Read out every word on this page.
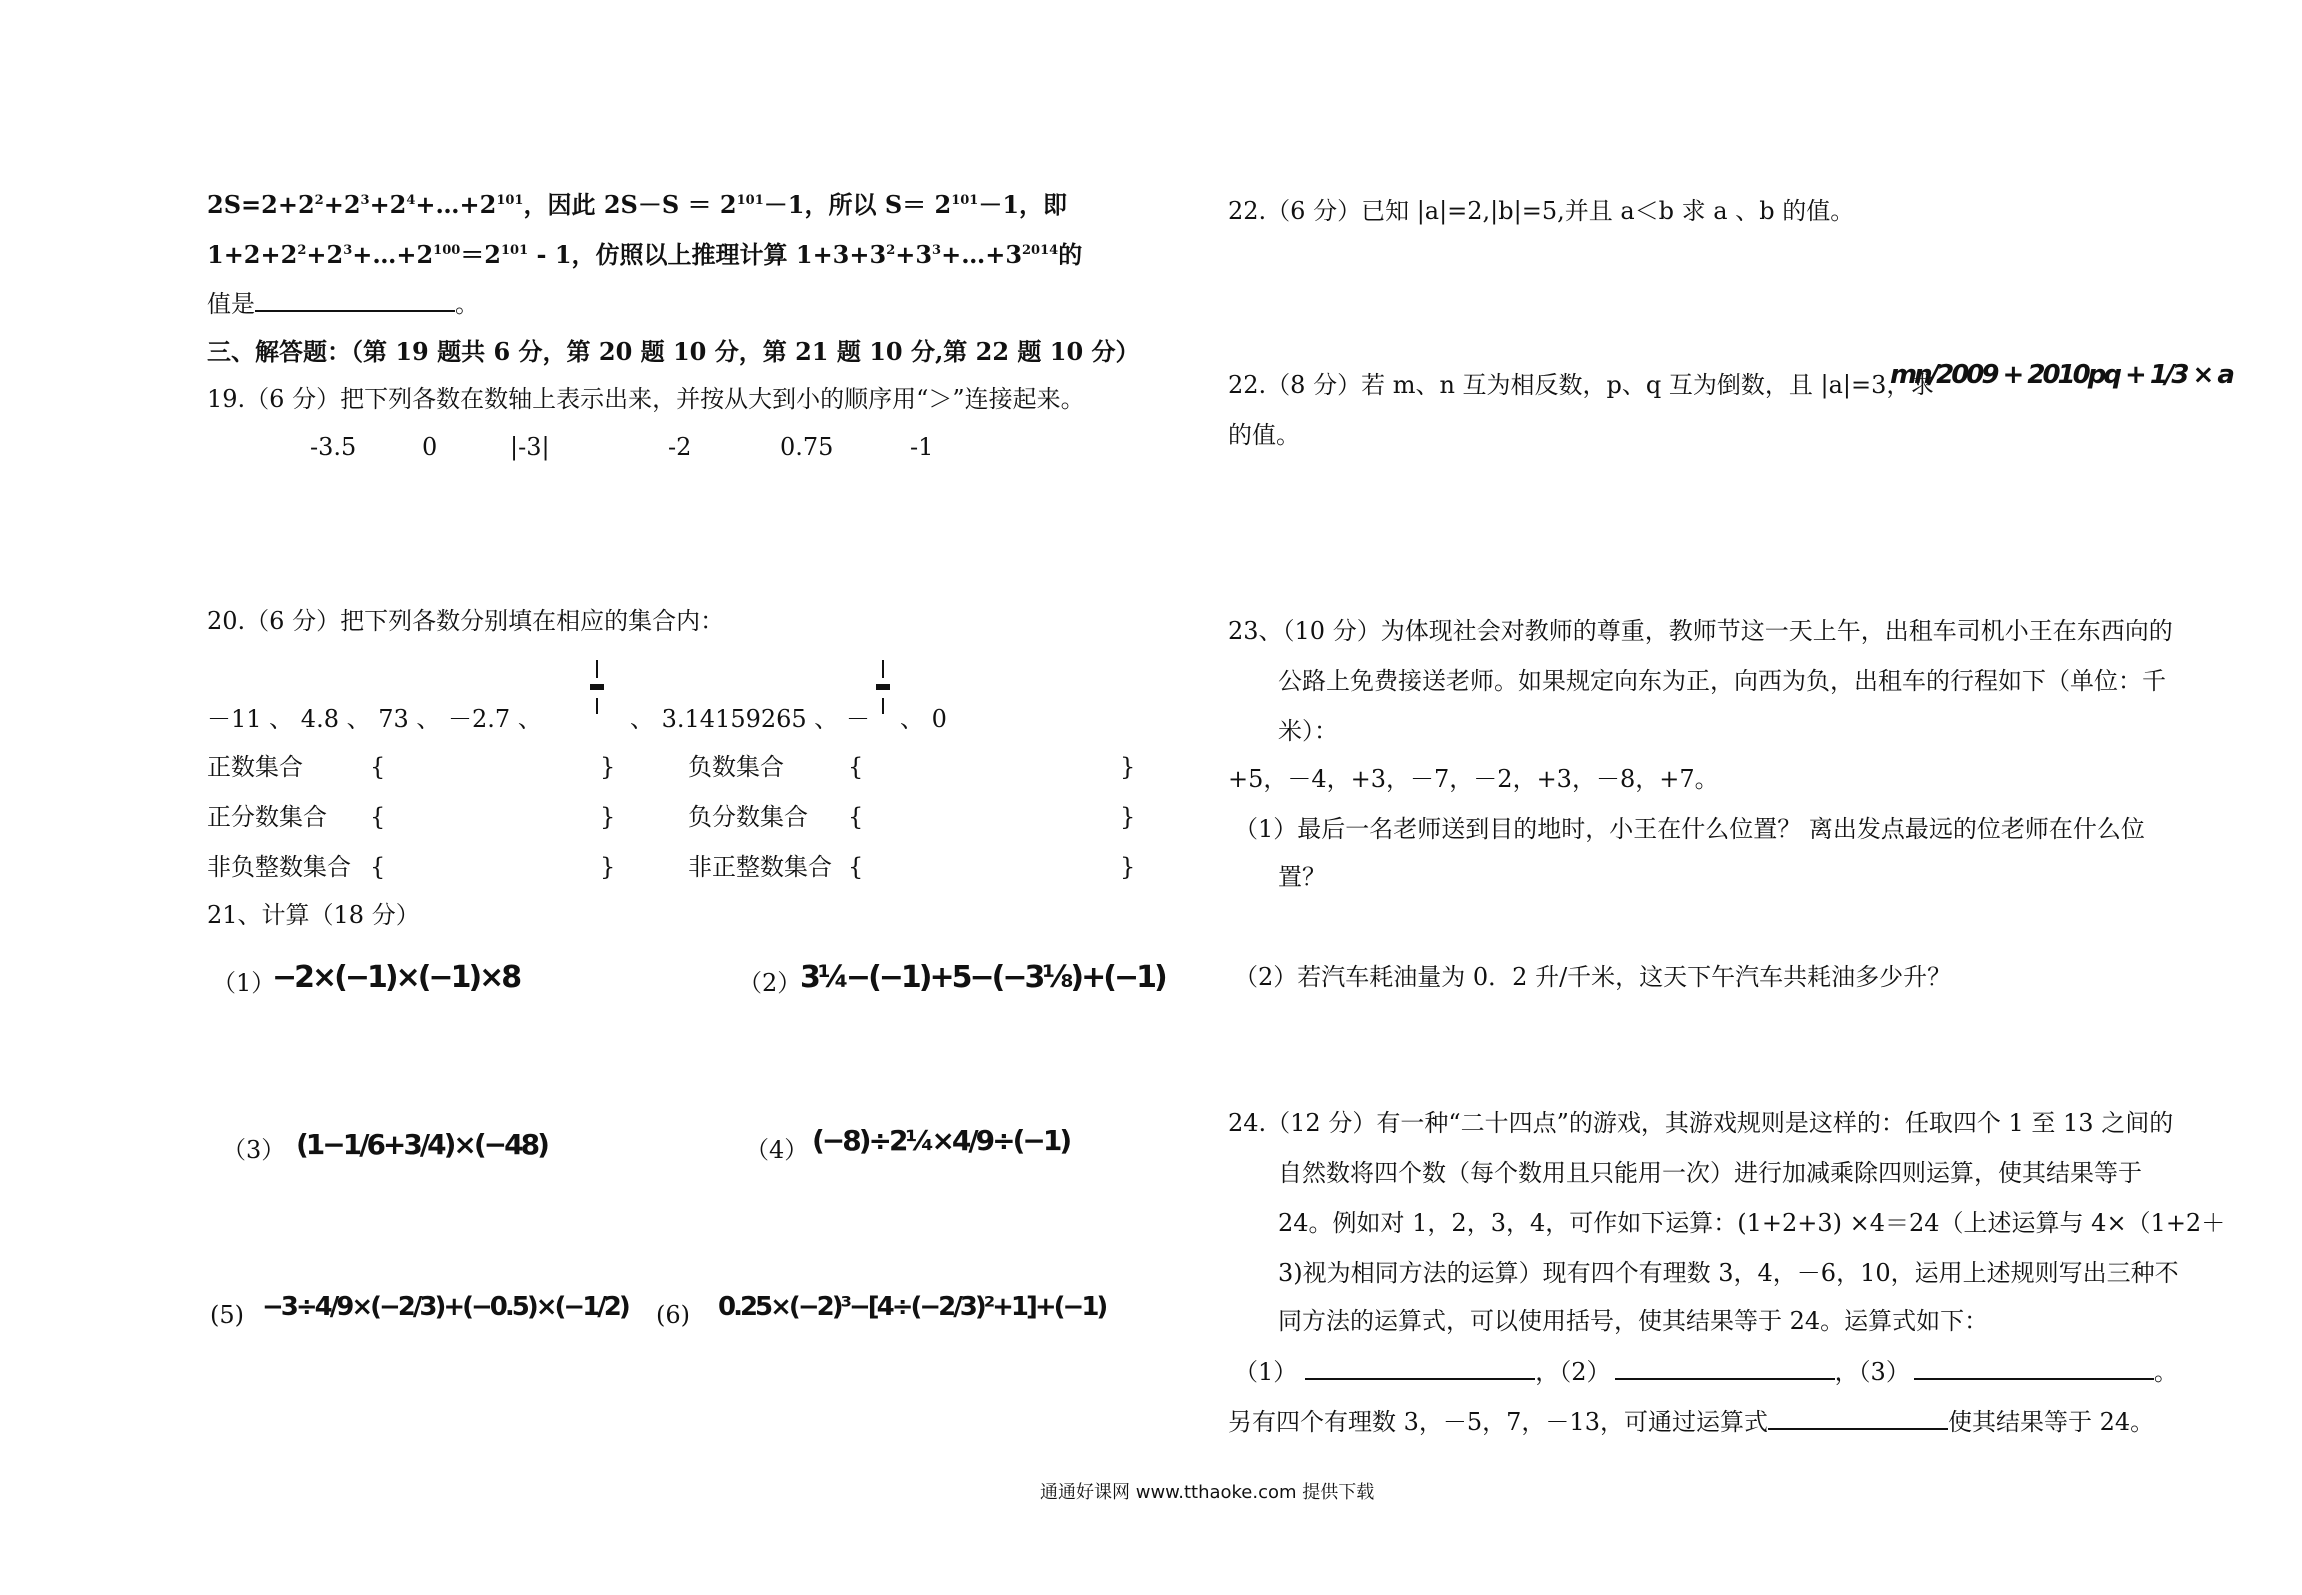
$2S=2+2^2+2^3+2^4+\dots+2^{101}$，因此 $2S-S = 2^{101}-1$，所以 $S= 2^{101}-1$，即
$1+2+2^2+2^3+\dots+2^{100}=2^{101} - 1$，仿照以上推理计算 $1+3+3^2+3^3+\dots+3^{2014}$的
值是	。
三、解答题：（第 19 题共 6 分，第 20 题 10 分，第 21 题 10 分,第 22 题 10 分）
19.（6 分）把下列各数在数轴上表示出来，并按从大到小的顺序用“＞”连接起来。
-3.5	0	|-3|	-2	0.75	-1
20.（6 分）把下列各数分别填在相应的集合内：
－11 、 4.8 、 73 、 －2.7 、	、 3.14159265 、 － 、 0
正数集合	{	}	负数集合	{	}
正分数集合 {	}	负分数集合 {	}
非负整数集合 {	}	非正整数集合 {	}
21、计算（18 分）
（1）
−2×(−1)×(−1)×8	（2）
3¼−(−1)+5−(−3⅛)+(−1)
（3） (1−1/6+3/4)×(−48)	（4） (−8)÷2¼×4/9÷(−1)
(5) −3÷4/9×(−2/3)+(−0.5)×(−1/2) (6) 0.25×(−2)³−[4÷(−2/3)²+1]+(−1)
22.（6 分）已知 |a|=2,|b|=5,并且 a＜b 求 a 、b 的值。
22.（8 分）若 m、n 互为相反数，p、q 互为倒数，且 |a|=3，求
mn/2009 + 2010pq + 1/3 × a
的值。
23、（10 分）为体现社会对教师的尊重，教师节这一天上午，出租车司机小王在东西向的
公路上免费接送老师。如果规定向东为正，向西为负，出租车的行程如下（单位：千
米）：
+5，－4，+3，－7，－2，+3，－8，+7。
（1）最后一名老师送到目的地时，小王在什么位置？ 离出发点最远的位老师在什么位
置？
（2）若汽车耗油量为 0．2 升/千米，这天下午汽车共耗油多少升？
24.（12 分）有一种“二十四点”的游戏，其游戏规则是这样的：任取四个 1 至 13 之间的
自然数将四个数（每个数用且只能用一次）进行加减乘除四则运算，使其结果等于
24。例如对 1，2，3，4，可作如下运算：(1+2+3) ×4＝24（上述运算与 4×（1+2＋
3)视为相同方法的运算）现有四个有理数 3，4，－6，10，运用上述规则写出三种不
同方法的运算式，可以使用括号，使其结果等于 24。运算式如下：
（1）	，（2）	，（3）	。
另有四个有理数 3，－5，7，－13，可通过运算式	使其结果等于 24。
通通好课网 www.tthaoke.com 提供下载
